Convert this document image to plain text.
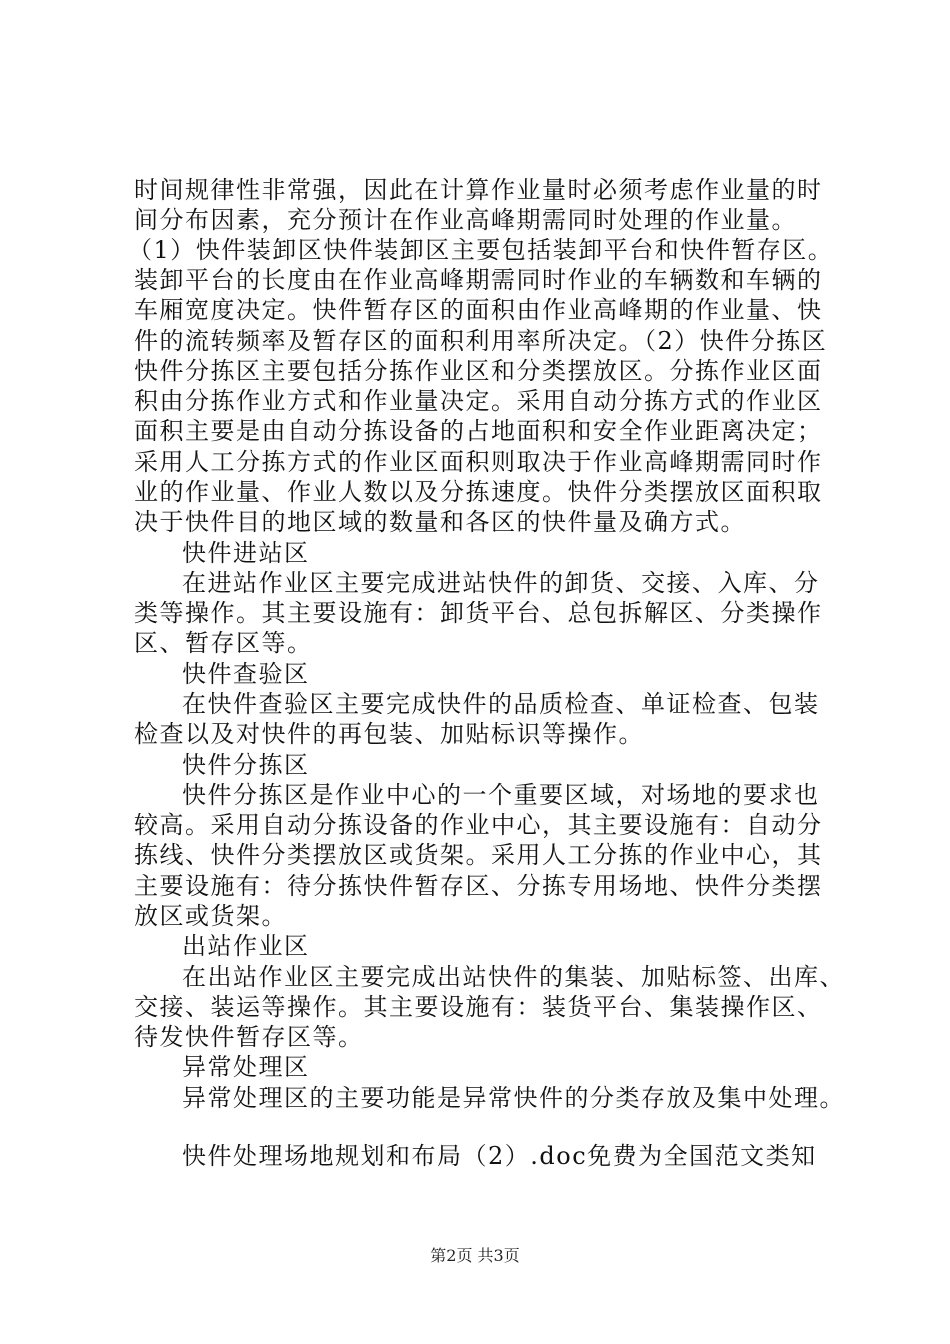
时间规律性非常强，因此在计算作业量时必须考虑作业量的时
间分布因素，充分预计在作业高峰期需同时处理的作业量。
（1）快件装卸区快件装卸区主要包括装卸平台和快件暂存区。
装卸平台的长度由在作业高峰期需同时作业的车辆数和车辆的
车厢宽度决定。快件暂存区的面积由作业高峰期的作业量、快
件的流转频率及暂存区的面积利用率所决定。（2）快件分拣区
快件分拣区主要包括分拣作业区和分类摆放区。分拣作业区面
积由分拣作业方式和作业量决定。采用自动分拣方式的作业区
面积主要是由自动分拣设备的占地面积和安全作业距离决定；
采用人工分拣方式的作业区面积则取决于作业高峰期需同时作
业的作业量、作业人数以及分拣速度。快件分类摆放区面积取
决于快件目的地区域的数量和各区的快件量及确方式。
快件进站区
在进站作业区主要完成进站快件的卸货、交接、入库、分
类等操作。其主要设施有：卸货平台、总包拆解区、分类操作
区、暂存区等。
快件查验区
在快件查验区主要完成快件的品质检查、单证检查、包装
检查以及对快件的再包装、加贴标识等操作。
快件分拣区
快件分拣区是作业中心的一个重要区域，对场地的要求也
较高。采用自动分拣设备的作业中心，其主要设施有：自动分
拣线、快件分类摆放区或货架。采用人工分拣的作业中心，其
主要设施有：待分拣快件暂存区、分拣专用场地、快件分类摆
放区或货架。
出站作业区
在出站作业区主要完成出站快件的集装、加贴标签、出库、
交接、装运等操作。其主要设施有：装货平台、集装操作区、
待发快件暂存区等。
异常处理区
异常处理区的主要功能是异常快件的分类存放及集中处理。
快件处理场地规划和布局（2）.doc免费为全国范文类知
第2页 共3页
